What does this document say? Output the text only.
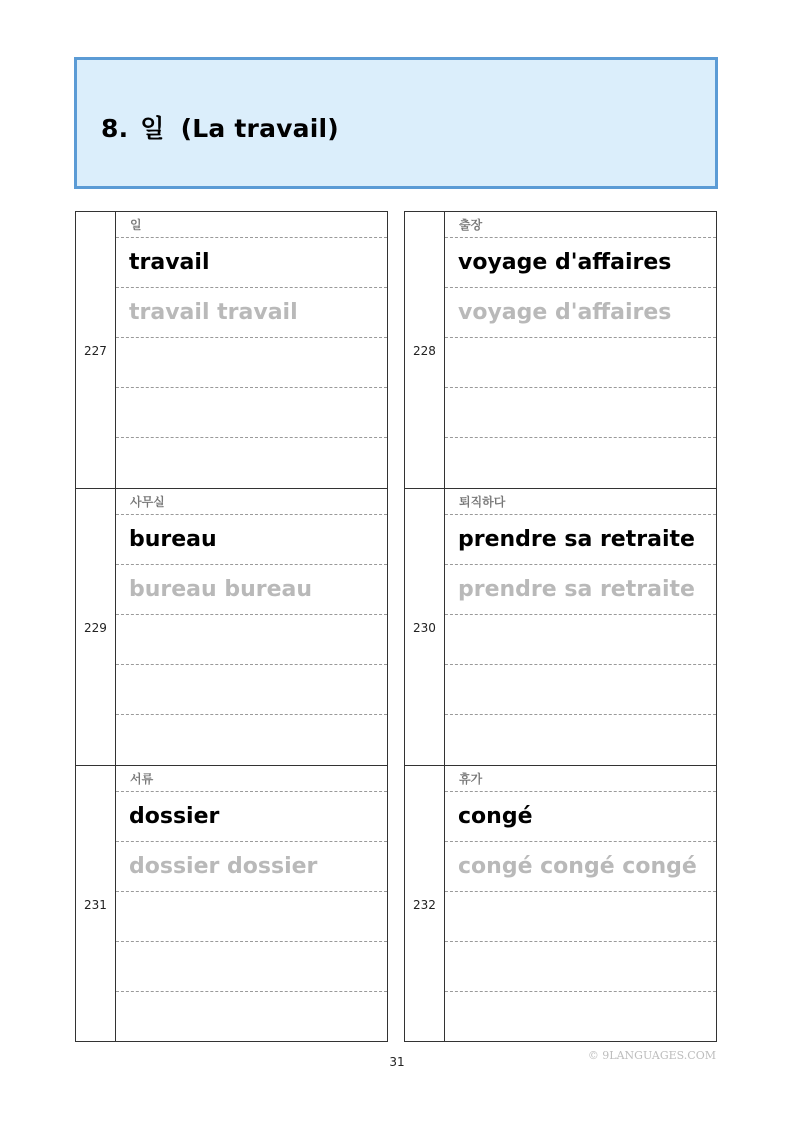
8. 일 (La travail)
227
일
travail
travail travail
229
사무실
bureau
bureau bureau
231
서류
dossier
dossier dossier
228
출장
voyage d'affaires
voyage d'affaires
230
퇴직하다
prendre sa retraite
prendre sa retraite
232
휴가
congé
congé congé congé
31	© 9LANGUAGES.COM
